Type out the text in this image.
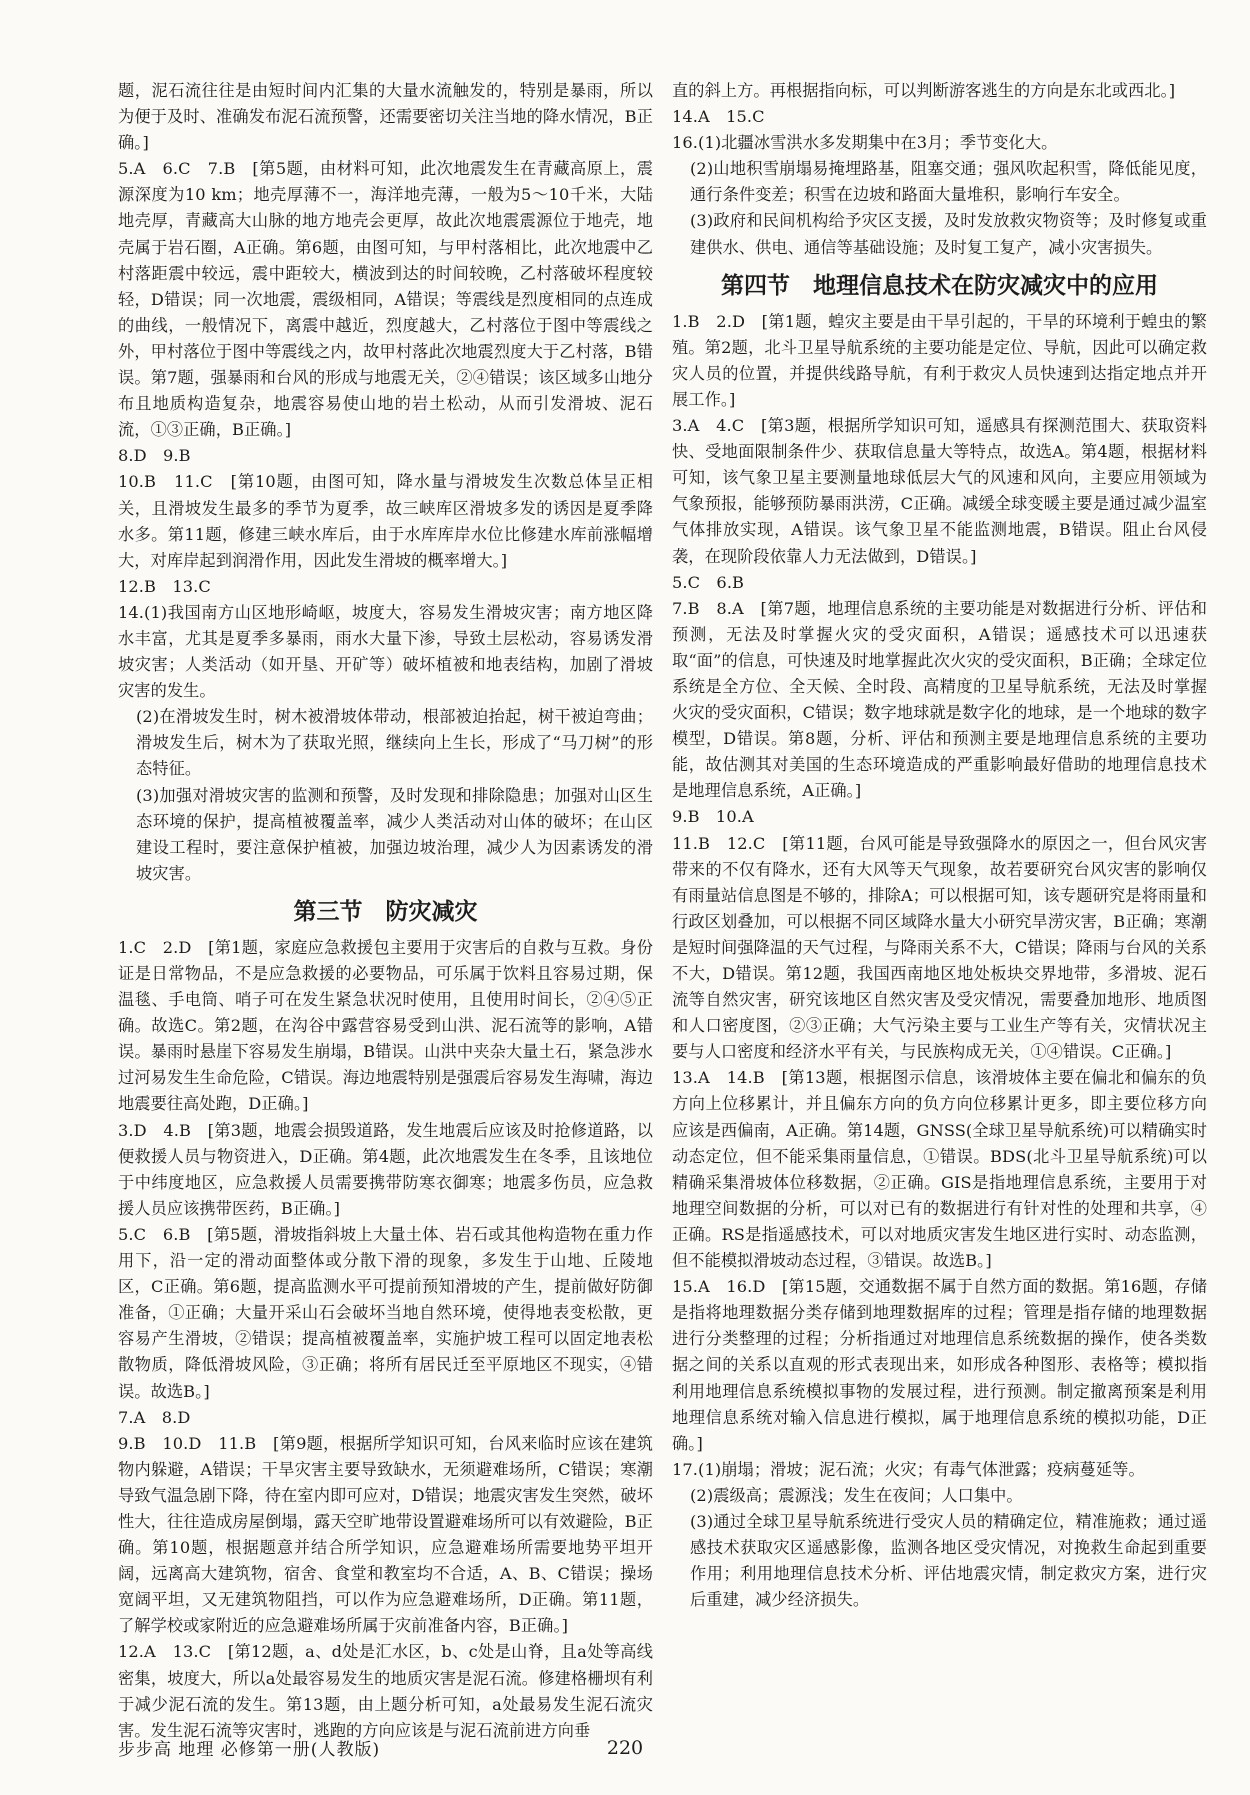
题，泥石流往往是由短时间内汇集的大量水流触发的，特别是暴雨，所以为便于及时、准确发布泥石流预警，还需要密切关注当地的降水情况，B正确。]

5.A　6.C　7.B　[第5题，由材料可知，此次地震发生在青藏高原上，震源深度为10 km；地壳厚薄不一，海洋地壳薄，一般为5～10千米，大陆地壳厚，青藏高大山脉的地方地壳会更厚，故此次地震震源位于地壳，地壳属于岩石圈，A正确。第6题，由图可知，与甲村落相比，此次地震中乙村落距震中较远，震中距较大，横波到达的时间较晚，乙村落破坏程度较轻，D错误；同一次地震，震级相同，A错误；等震线是烈度相同的点连成的曲线，一般情况下，离震中越近，烈度越大，乙村落位于图中等震线之外，甲村落位于图中等震线之内，故甲村落此次地震烈度大于乙村落，B错误。第7题，强暴雨和台风的形成与地震无关，②④错误；该区域多山地分布且地质构造复杂，地震容易使山地的岩土松动，从而引发滑坡、泥石流，①③正确，B正确。]

8.D　9.B

10.B　11.C　[第10题，由图可知，降水量与滑坡发生次数总体呈正相关，且滑坡发生最多的季节为夏季，故三峡库区滑坡多发的诱因是夏季降水多。第11题，修建三峡水库后，由于水库库岸水位比修建水库前涨幅增大，对库岸起到润滑作用，因此发生滑坡的概率增大。]

12.B　13.C

14.(1)我国南方山区地形崎岖，坡度大，容易发生滑坡灾害；南方地区降水丰富，尤其是夏季多暴雨，雨水大量下渗，导致土层松动，容易诱发滑坡灾害；人类活动（如开垦、开矿等）破坏植被和地表结构，加剧了滑坡灾害的发生。

(2)在滑坡发生时，树木被滑坡体带动，根部被迫抬起，树干被迫弯曲；滑坡发生后，树木为了获取光照，继续向上生长，形成了“马刀树”的形态特征。

(3)加强对滑坡灾害的监测和预警，及时发现和排除隐患；加强对山区生态环境的保护，提高植被覆盖率，减少人类活动对山体的破坏；在山区建设工程时，要注意保护植被，加强边坡治理，减少人为因素诱发的滑坡灾害。

第三节　防灾减灾

1.C　2.D　[第1题，家庭应急救援包主要用于灾害后的自救与互救。身份证是日常物品，不是应急救援的必要物品，可乐属于饮料且容易过期，保温毯、手电筒、哨子可在发生紧急状况时使用，且使用时间长，②④⑤正确。故选C。第2题，在沟谷中露营容易受到山洪、泥石流等的影响，A错误。暴雨时悬崖下容易发生崩塌，B错误。山洪中夹杂大量土石，紧急涉水过河易发生生命危险，C错误。海边地震特别是强震后容易发生海啸，海边地震要往高处跑，D正确。]

3.D　4.B　[第3题，地震会损毁道路，发生地震后应该及时抢修道路，以便救援人员与物资进入，D正确。第4题，此次地震发生在冬季，且该地位于中纬度地区，应急救援人员需要携带防寒衣御寒；地震多伤员，应急救援人员应该携带医药，B正确。]

5.C　6.B　[第5题，滑坡指斜坡上大量土体、岩石或其他构造物在重力作用下，沿一定的滑动面整体或分散下滑的现象，多发生于山地、丘陵地区，C正确。第6题，提高监测水平可提前预知滑坡的产生，提前做好防御准备，①正确；大量开采山石会破坏当地自然环境，使得地表变松散，更容易产生滑坡，②错误；提高植被覆盖率，实施护坡工程可以固定地表松散物质，降低滑坡风险，③正确；将所有居民迁至平原地区不现实，④错误。故选B。]

7.A　8.D

9.B　10.D　11.B　[第9题，根据所学知识可知，台风来临时应该在建筑物内躲避，A错误；干旱灾害主要导致缺水，无须避难场所，C错误；寒潮导致气温急剧下降，待在室内即可应对，D错误；地震灾害发生突然，破坏性大，往往造成房屋倒塌，露天空旷地带设置避难场所可以有效避险，B正确。第10题，根据题意并结合所学知识，应急避难场所需要地势平坦开阔，远离高大建筑物，宿舍、食堂和教室均不合适，A、B、C错误；操场宽阔平坦，又无建筑物阻挡，可以作为应急避难场所，D正确。第11题，了解学校或家附近的应急避难场所属于灾前准备内容，B正确。]

12.A　13.C　[第12题，a、d处是汇水区，b、c处是山脊，且a处等高线密集，坡度大，所以a处最容易发生的地质灾害是泥石流。修建格栅坝有利于减少泥石流的发生。第13题，由上题分析可知，a处最易发生泥石流灾害。发生泥石流等灾害时，逃跑的方向应该是与泥石流前进方向垂

直的斜上方。再根据指向标，可以判断游客逃生的方向是东北或西北。]

14.A　15.C

16.(1)北疆冰雪洪水多发期集中在3月；季节变化大。

(2)山地积雪崩塌易掩埋路基，阻塞交通；强风吹起积雪，降低能见度，通行条件变差；积雪在边坡和路面大量堆积，影响行车安全。

(3)政府和民间机构给予灾区支援，及时发放救灾物资等；及时修复或重建供水、供电、通信等基础设施；及时复工复产，减小灾害损失。

第四节　地理信息技术在防灾减灾中的应用

1.B　2.D　[第1题，蝗灾主要是由干旱引起的，干旱的环境利于蝗虫的繁殖。第2题，北斗卫星导航系统的主要功能是定位、导航，因此可以确定救灾人员的位置，并提供线路导航，有利于救灾人员快速到达指定地点并开展工作。]

3.A　4.C　[第3题，根据所学知识可知，遥感具有探测范围大、获取资料快、受地面限制条件少、获取信息量大等特点，故选A。第4题，根据材料可知，该气象卫星主要测量地球低层大气的风速和风向，主要应用领域为气象预报，能够预防暴雨洪涝，C正确。减缓全球变暖主要是通过减少温室气体排放实现，A错误。该气象卫星不能监测地震，B错误。阻止台风侵袭，在现阶段依靠人力无法做到，D错误。]

5.C　6.B

7.B　8.A　[第7题，地理信息系统的主要功能是对数据进行分析、评估和预测，无法及时掌握火灾的受灾面积，A错误；遥感技术可以迅速获取“面”的信息，可快速及时地掌握此次火灾的受灾面积，B正确；全球定位系统是全方位、全天候、全时段、高精度的卫星导航系统，无法及时掌握火灾的受灾面积，C错误；数字地球就是数字化的地球，是一个地球的数字模型，D错误。第8题，分析、评估和预测主要是地理信息系统的主要功能，故估测其对美国的生态环境造成的严重影响最好借助的地理信息技术是地理信息系统，A正确。]

9.B　10.A

11.B　12.C　[第11题，台风可能是导致强降水的原因之一，但台风灾害带来的不仅有降水，还有大风等天气现象，故若要研究台风灾害的影响仅有雨量站信息图是不够的，排除A；可以根据可知，该专题研究是将雨量和行政区划叠加，可以根据不同区域降水量大小研究旱涝灾害，B正确；寒潮是短时间强降温的天气过程，与降雨关系不大，C错误；降雨与台风的关系不大，D错误。第12题，我国西南地区地处板块交界地带，多滑坡、泥石流等自然灾害，研究该地区自然灾害及受灾情况，需要叠加地形、地质图和人口密度图，②③正确；大气污染主要与工业生产等有关，灾情状况主要与人口密度和经济水平有关，与民族构成无关，①④错误。C正确。]

13.A　14.B　[第13题，根据图示信息，该滑坡体主要在偏北和偏东的负方向上位移累计，并且偏东方向的负方向位移累计更多，即主要位移方向应该是西偏南，A正确。第14题，GNSS(全球卫星导航系统)可以精确实时动态定位，但不能采集雨量信息，①错误。BDS(北斗卫星导航系统)可以精确采集滑坡体位移数据，②正确。GIS是指地理信息系统，主要用于对地理空间数据的分析，可以对已有的数据进行有针对性的处理和共享，④正确。RS是指遥感技术，可以对地质灾害发生地区进行实时、动态监测，但不能模拟滑坡动态过程，③错误。故选B。]

15.A　16.D　[第15题，交通数据不属于自然方面的数据。第16题，存储是指将地理数据分类存储到地理数据库的过程；管理是指存储的地理数据进行分类整理的过程；分析指通过对地理信息系统数据的操作，使各类数据之间的关系以直观的形式表现出来，如形成各种图形、表格等；模拟指利用地理信息系统模拟事物的发展过程，进行预测。制定撤离预案是利用地理信息系统对输入信息进行模拟，属于地理信息系统的模拟功能，D正确。]

17.(1)崩塌；滑坡；泥石流；火灾；有毒气体泄露；疫病蔓延等。

(2)震级高；震源浅；发生在夜间；人口集中。

(3)通过全球卫星导航系统进行受灾人员的精确定位，精准施救；通过遥感技术获取灾区遥感影像，监测各地区受灾情况，对挽救生命起到重要作用；利用地理信息技术分析、评估地震灾情，制定救灾方案，进行灾后重建，减少经济损失。

步步高 地理 必修第一册(人教版)	220
